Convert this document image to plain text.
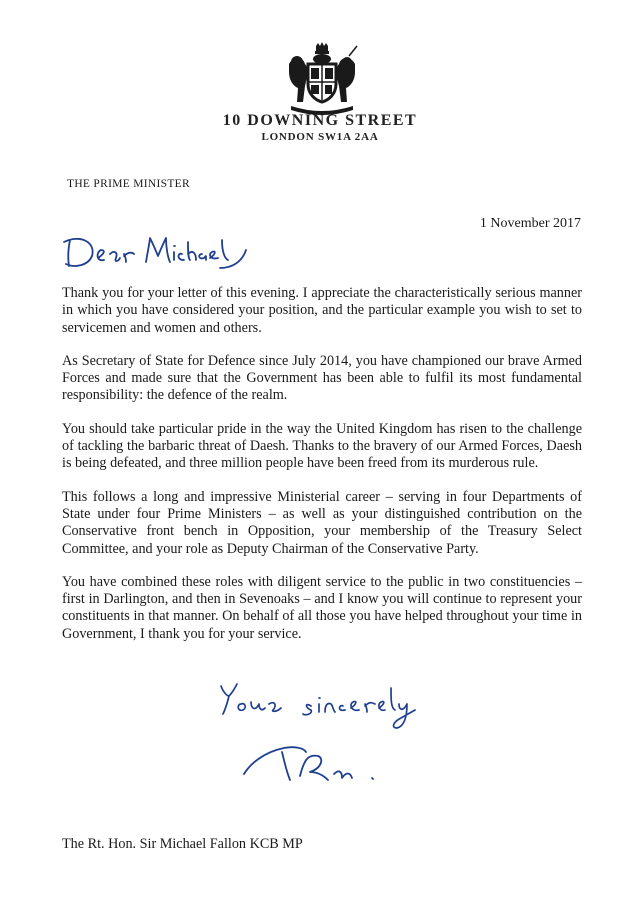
10 DOWNING STREET
LONDON SW1A 2AA
THE PRIME MINISTER
1 November 2017

Thank you for your letter of this evening. I appreciate the characteristically serious manner in which you have considered your position, and the particular example you wish to set to servicemen and women and others.

As Secretary of State for Defence since July 2014, you have championed our brave Armed Forces and made sure that the Government has been able to fulfil its most fundamental responsibility: the defence of the realm.

You should take particular pride in the way the United Kingdom has risen to the challenge of tackling the barbaric threat of Daesh. Thanks to the bravery of our Armed Forces, Daesh is being defeated, and three million people have been freed from its murderous rule.

This follows a long and impressive Ministerial career – serving in four Departments of State under four Prime Ministers – as well as your distinguished contribution on the Conservative front bench in Opposition, your membership of the Treasury Select Committee, and your role as Deputy Chairman of the Conservative Party.

You have combined these roles with diligent service to the public in two constituencies – first in Darlington, and then in Sevenoaks – and I know you will continue to represent your constituents in that manner. On behalf of all those you have helped throughout your time in Government, I thank you for your service.

The Rt. Hon. Sir Michael Fallon KCB MP
